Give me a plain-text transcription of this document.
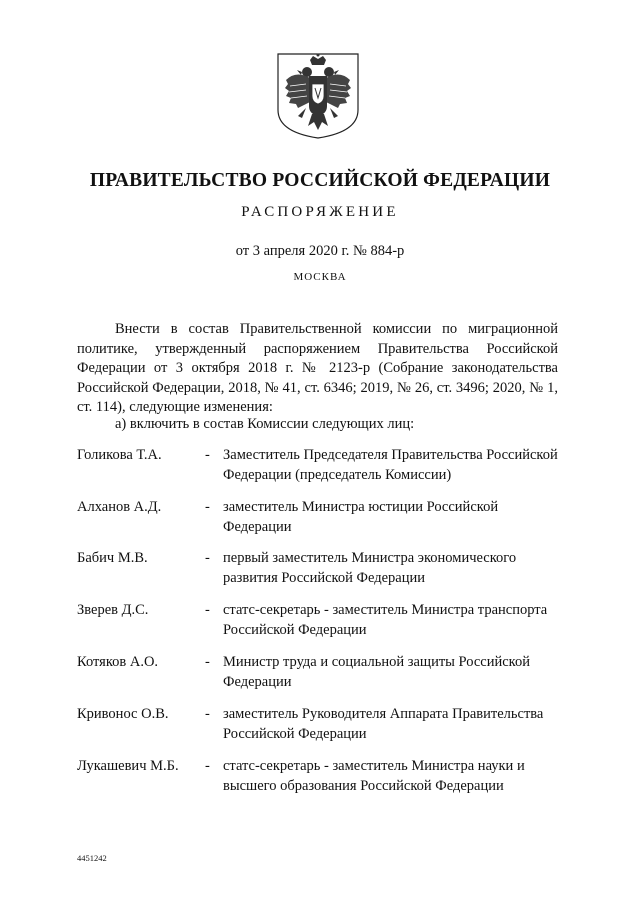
ПРАВИТЕЛЬСТВО РОССИЙСКОЙ ФЕДЕРАЦИИ
РАСПОРЯЖЕНИЕ
от 3 апреля 2020 г. № 884-р
МОСКВА

Внести в состав Правительственной комиссии по миграционной политике, утвержденный распоряжением Правительства Российской Федерации от 3 октября 2018 г. № 2123-р (Собрание законодательства Российской Федерации, 2018, № 41, ст. 6346; 2019, № 26, ст. 3496; 2020, № 1, ст. 114), следующие изменения:

а) включить в состав Комиссии следующих лиц:

Голикова Т.А.	- Заместитель Председателя Правительства Российской Федерации (председатель Комиссии)
Алханов А.Д.	- заместитель Министра юстиции Российской Федерации
Бабич М.В.	- первый заместитель Министра экономического развития Российской Федерации
Зверев Д.С.	- статс-секретарь - заместитель Министра транспорта Российской Федерации
Котяков А.О.	- Министр труда и социальной защиты Российской Федерации
Кривонос О.В.	- заместитель Руководителя Аппарата Правительства Российской Федерации
Лукашевич М.Б.	- статс-секретарь - заместитель Министра науки и высшего образования Российской Федерации
4451242
